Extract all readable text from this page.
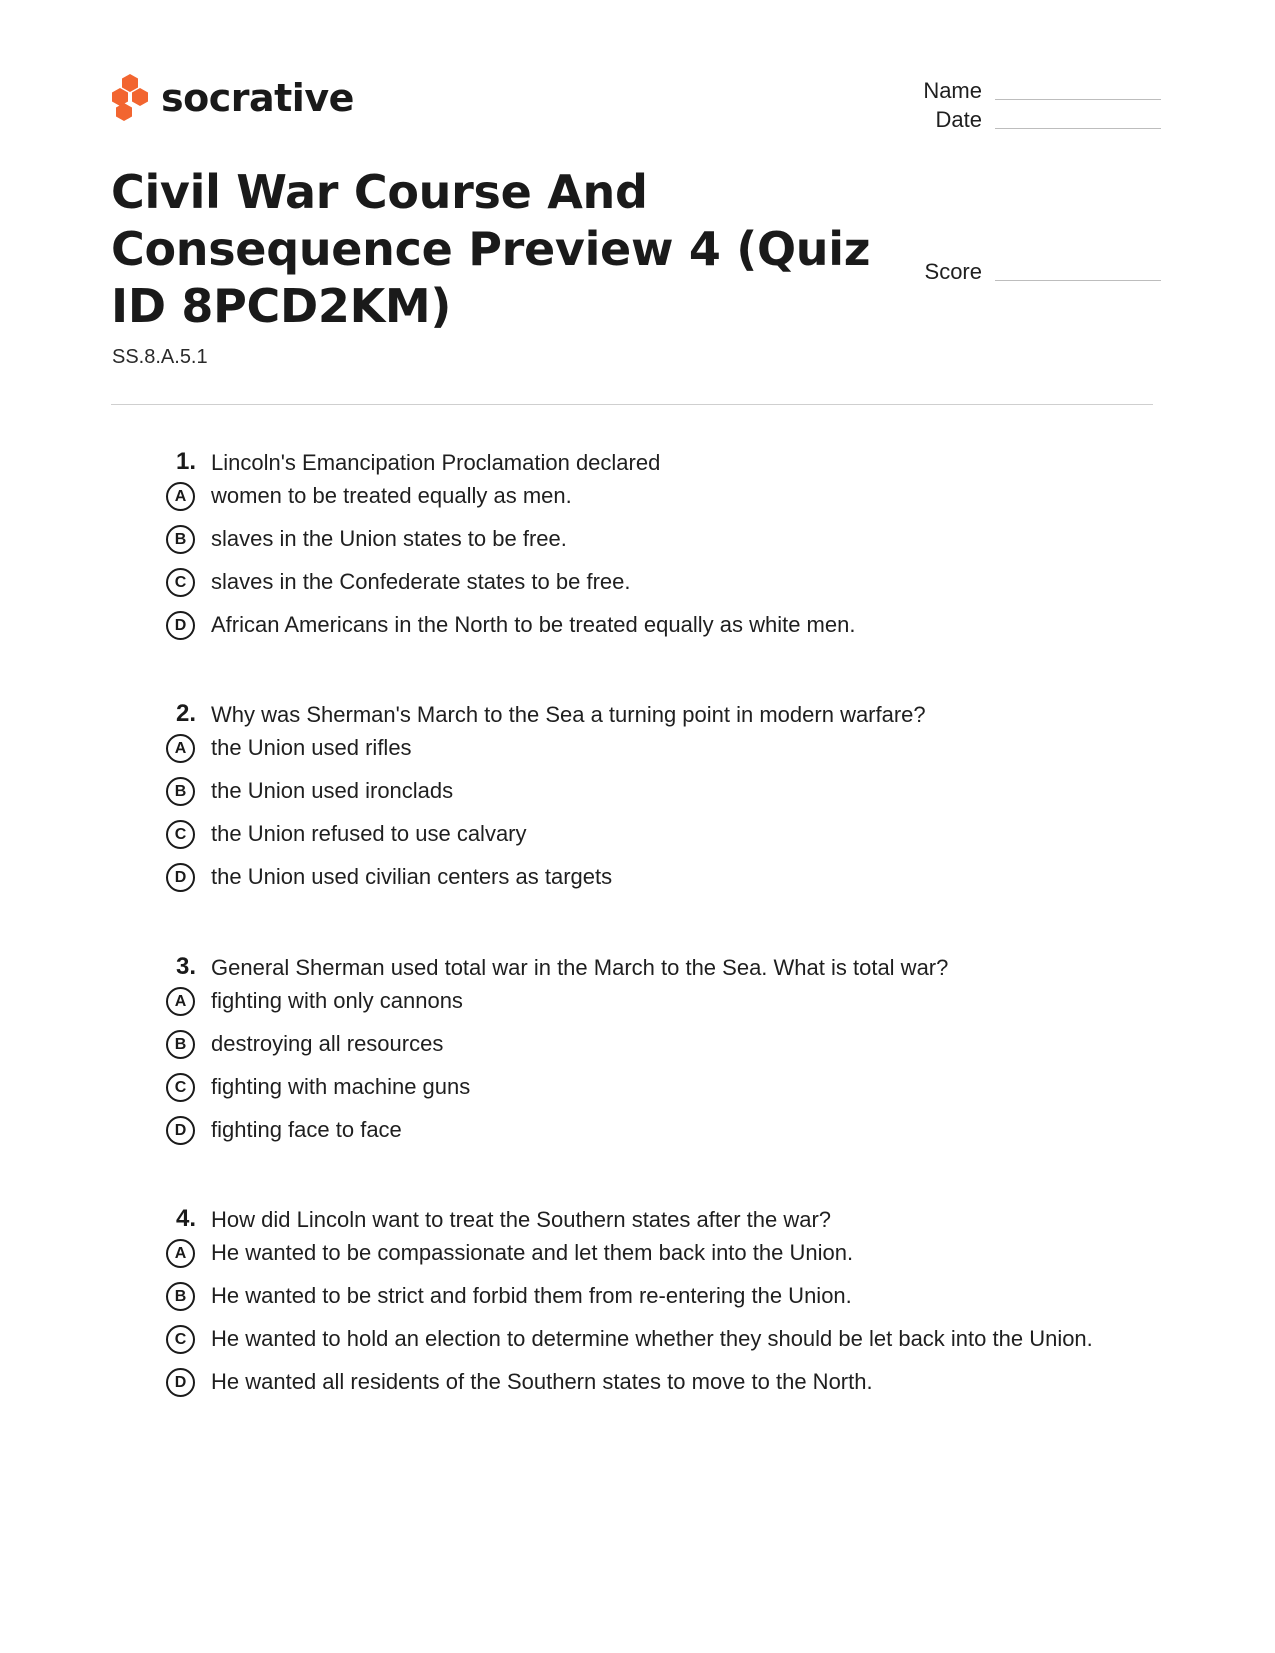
socrative	Name
Date
Score
Civil War Course And Consequence Preview 4 (Quiz ID 8PCD2KM)
SS.8.A.5.1
1. Lincoln's Emancipation Proclamation declared
A	women to be treated equally as men.
B	slaves in the Union states to be free.
C	slaves in the Confederate states to be free.
D	African Americans in the North to be treated equally as white men.
2. Why was Sherman's March to the Sea a turning point in modern warfare?
A	the Union used rifles
B	the Union used ironclads
C	the Union refused to use calvary
D	the Union used civilian centers as targets
3. General Sherman used total war in the March to the Sea. What is total war?
A	fighting with only cannons
B	destroying all resources
C	fighting with machine guns
D	fighting face to face
4. How did Lincoln want to treat the Southern states after the war?
A	He wanted to be compassionate and let them back into the Union.
B	He wanted to be strict and forbid them from re-entering the Union.
C	He wanted to hold an election to determine whether they should be let back into the Union.
D	He wanted all residents of the Southern states to move to the North.
